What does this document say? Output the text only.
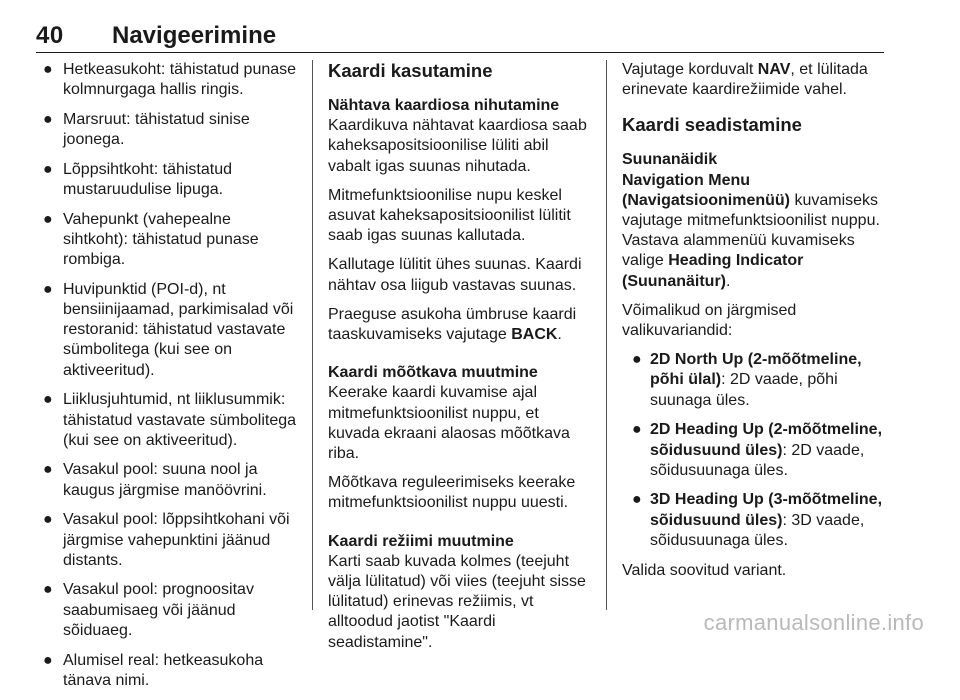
40 Navigeerimine
● Hetkeasukoht: tähistatud punase kolmnurgaga hallis ringis.
● Marsruut: tähistatud sinise joonega.
● Lõppsihtkoht: tähistatud mustaruudulise lipuga.
● Vahepunkt (vahepealne sihtkoht): tähistatud punase rombiga.
● Huvipunktid (POI-d), nt bensiinijaamad, parkimisalad või restoranid: tähistatud vastavate sümbolitega (kui see on aktiveeritud).
● Liiklusjuhtumid, nt liiklusummik: tähistatud vastavate sümbolitega (kui see on aktiveeritud).
● Vasakul pool: suuna nool ja kaugus järgmise manöövrini.
● Vasakul pool: lõppsihtkohani või järgmise vahepunktini jäänud distants.
● Vasakul pool: prognoositav saabumisaeg või jäänud sõiduaeg.
● Alumisel real: hetkeasukoha tänava nimi.
Kaardi kasutamine

Nähtava kaardiosa nihutamine

Kaardikuva nähtavat kaardiosa saab kaheksapositsioonilise lüliti abil vabalt igas suunas nihutada.

Mitmefunktsioonilise nupu keskel asuvat kaheksapositsioonilist lülitit saab igas suunas kallutada.

Kallutage lülitit ühes suunas. Kaardi nähtav osa liigub vastavas suunas.

Praeguse asukoha ümbruse kaardi taaskuvamiseks vajutage BACK.

Kaardi mõõtkava muutmine

Keerake kaardi kuvamise ajal mitmefunktsioonilist nuppu, et kuvada ekraani alaosas mõõtkava riba.

Mõõtkava reguleerimiseks keerake mitmefunktsioonilist nuppu uuesti.

Kaardi režiimi muutmine

Karti saab kuvada kolmes (teejuht välja lülitatud) või viies (teejuht sisse lülitatud) erinevas režiimis, vt alltoodud jaotist "Kaardi seadistamine".

Vajutage korduvalt NAV, et lülitada erinevate kaardirežiimide vahel.

Kaardi seadistamine

Suunanäidik

Navigation Menu (Navigatsioonimenüü) kuvamiseks vajutage mitmefunktsioonilist nuppu. Vastava alammenüü kuvamiseks valige Heading Indicator (Suunanäitur).

Võimalikud on järgmised valikuvariandid:

● 2D North Up (2-mõõtmeline, põhi ülal): 2D vaade, põhi suunaga üles.
● 2D Heading Up (2-mõõtmeline, sõidusuund üles): 2D vaade, sõidusuunaga üles.
● 3D Heading Up (3-mõõtmeline, sõidusuund üles): 3D vaade, sõidusuunaga üles.

Valida soovitud variant.

carmanualsonline.info
